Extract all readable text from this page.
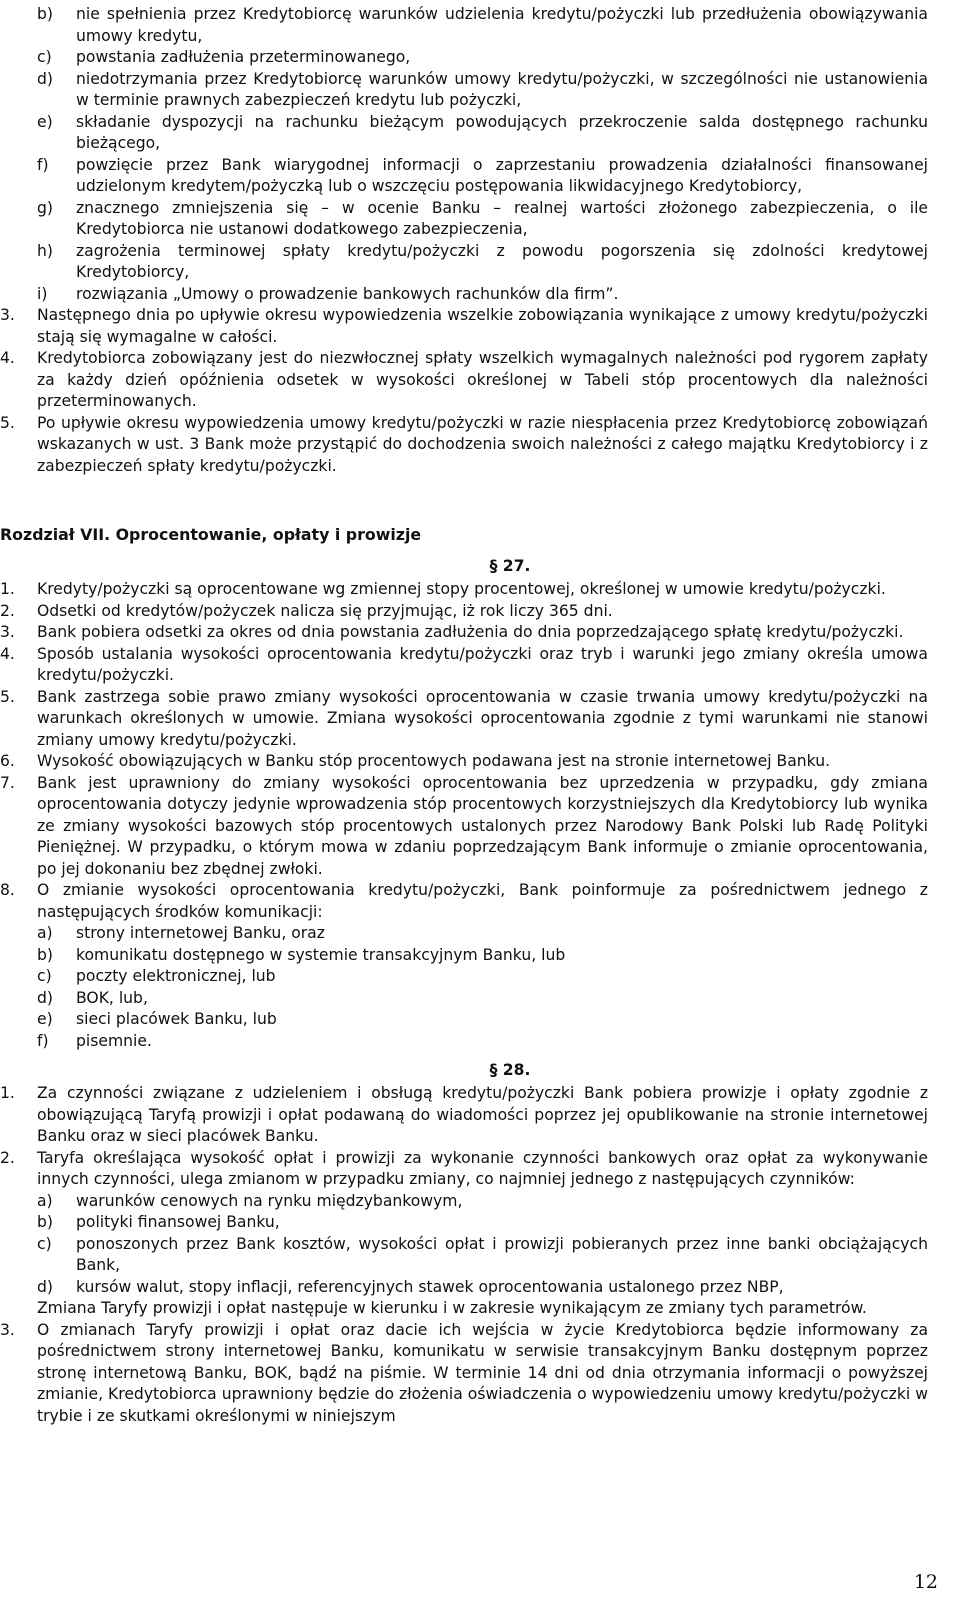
b)	nie spełnienia przez Kredytobiorcę warunków udzielenia kredytu/pożyczki lub przedłużenia obowiązywania umowy kredytu,
c)	powstania zadłużenia przeterminowanego,
d)	niedotrzymania przez Kredytobiorcę warunków umowy kredytu/pożyczki, w szczególności nie ustanowienia w terminie prawnych zabezpieczeń kredytu lub pożyczki,
e)	składanie dyspozycji na rachunku bieżącym powodujących przekroczenie salda dostępnego rachunku bieżącego,
f)	powzięcie przez Bank wiarygodnej informacji o zaprzestaniu prowadzenia działalności finansowanej udzielonym kredytem/pożyczką lub o wszczęciu postępowania likwidacyjnego Kredytobiorcy,
g)	znacznego zmniejszenia się – w ocenie Banku – realnej wartości złożonego zabezpieczenia, o ile Kredytobiorca nie ustanowi dodatkowego zabezpieczenia,
h)	zagrożenia terminowej spłaty kredytu/pożyczki z powodu pogorszenia się zdolności kredytowej Kredytobiorcy,
i)	rozwiązania „Umowy o prowadzenie bankowych rachunków dla firm”.
3.	Następnego dnia po upływie okresu wypowiedzenia wszelkie zobowiązania wynikające z umowy kredytu/pożyczki stają się wymagalne w całości.
4.	Kredytobiorca zobowiązany jest do niezwłocznej spłaty wszelkich wymagalnych należności pod rygorem zapłaty za każdy dzień opóźnienia odsetek w wysokości określonej w Tabeli stóp procentowych dla należności przeterminowanych.
5.	Po upływie okresu wypowiedzenia umowy kredytu/pożyczki w razie niespłacenia przez Kredytobiorcę zobowiązań wskazanych w ust. 3 Bank może przystąpić do dochodzenia swoich należności z całego majątku Kredytobiorcy i z zabezpieczeń spłaty kredytu/pożyczki.
Rozdział VII. Oprocentowanie, opłaty i prowizje
§ 27.
1.	Kredyty/pożyczki są oprocentowane wg zmiennej stopy procentowej, określonej w umowie kredytu/pożyczki.
2.	Odsetki od kredytów/pożyczek nalicza się przyjmując, iż rok liczy 365 dni.
3.	Bank pobiera odsetki za okres od dnia powstania zadłużenia do dnia poprzedzającego spłatę kredytu/pożyczki.
4.	Sposób ustalania wysokości oprocentowania kredytu/pożyczki oraz tryb i warunki jego zmiany określa umowa kredytu/pożyczki.
5.	Bank zastrzega sobie prawo zmiany wysokości oprocentowania w czasie trwania umowy kredytu/pożyczki na warunkach określonych w umowie. Zmiana wysokości oprocentowania zgodnie z tymi warunkami nie stanowi zmiany umowy kredytu/pożyczki.
6.	Wysokość obowiązujących w Banku stóp procentowych podawana jest na stronie internetowej Banku.
7.	Bank jest uprawniony do zmiany wysokości oprocentowania bez uprzedzenia w przypadku, gdy zmiana oprocentowania dotyczy jedynie wprowadzenia stóp procentowych korzystniejszych dla Kredytobiorcy lub wynika ze zmiany wysokości bazowych stóp procentowych ustalonych przez Narodowy Bank Polski lub Radę Polityki Pieniężnej. W przypadku, o którym mowa w zdaniu poprzedzającym Bank informuje o zmianie oprocentowania, po jej dokonaniu bez zbędnej zwłoki.
8.	O zmianie wysokości oprocentowania kredytu/pożyczki, Bank poinformuje za pośrednictwem jednego z następujących środków komunikacji:
a)	strony internetowej Banku, oraz
b)	komunikatu dostępnego w systemie transakcyjnym Banku, lub
c)	poczty elektronicznej, lub
d)	BOK, lub,
e)	sieci placówek Banku, lub
f)	pisemnie.
§ 28.
1.	Za czynności związane z udzieleniem i obsługą kredytu/pożyczki Bank pobiera prowizje i opłaty zgodnie z obowiązującą Taryfą prowizji i opłat podawaną do wiadomości poprzez jej opublikowanie na stronie internetowej Banku oraz w sieci placówek Banku.
2.	Taryfa określająca wysokość opłat i prowizji za wykonanie czynności bankowych oraz opłat za wykonywanie innych czynności, ulega zmianom w przypadku zmiany, co najmniej jednego z następujących czynników:
a)	warunków cenowych na rynku międzybankowym,
b)	polityki finansowej Banku,
c)	ponoszonych przez Bank kosztów, wysokości opłat i prowizji pobieranych przez inne banki obciążających Bank,
d)	kursów walut, stopy inflacji, referencyjnych stawek oprocentowania ustalonego przez NBP,
Zmiana Taryfy prowizji i opłat następuje w kierunku i w zakresie wynikającym ze zmiany tych parametrów.
3.	O zmianach Taryfy prowizji i opłat oraz dacie ich wejścia w życie Kredytobiorca będzie informowany za pośrednictwem strony internetowej Banku, komunikatu w serwisie transakcyjnym Banku dostępnym poprzez stronę internetową Banku, BOK, bądź na piśmie. W terminie 14 dni od dnia otrzymania informacji o powyższej zmianie, Kredytobiorca uprawniony będzie do złożenia oświadczenia o wypowiedzeniu umowy kredytu/pożyczki w trybie i ze skutkami określonymi w niniejszym
12
